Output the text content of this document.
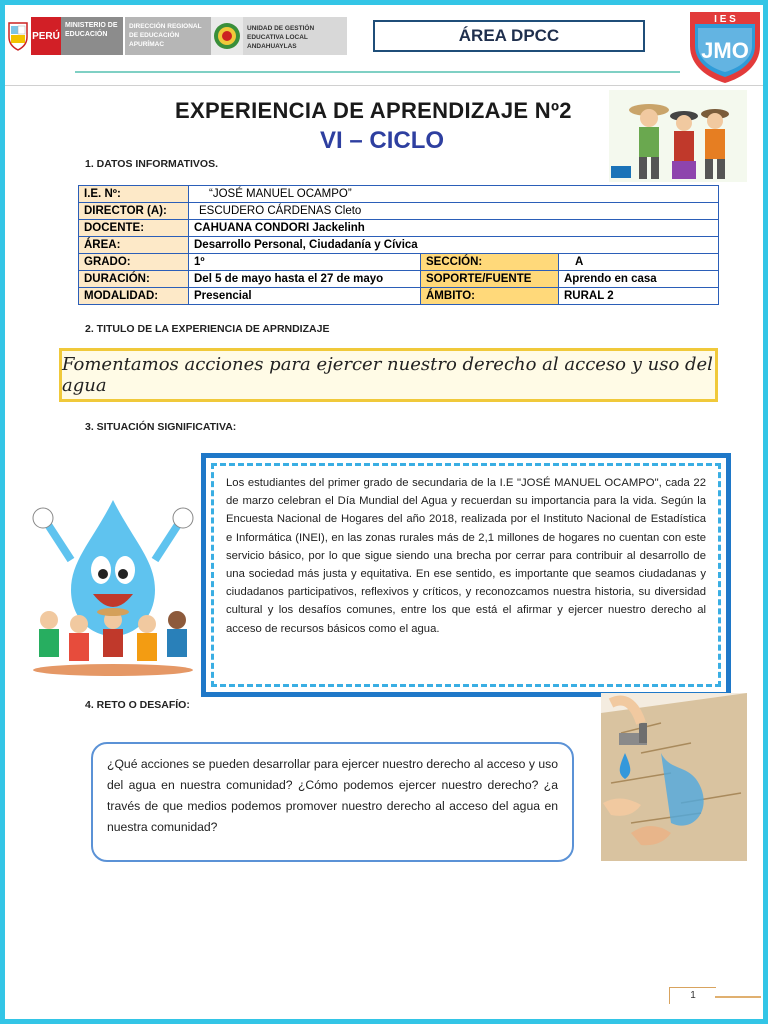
PERÚ
MINISTERIO DE EDUCACIÓN
DIRECCIÓN REGIONAL DE EDUCACIÓN APURÍMAC
UNIDAD DE GESTIÓN EDUCATIVA LOCAL ANDAHUAYLAS
ÁREA DPCC
I E S
JMO
EXPERIENCIA DE APRENDIZAJE Nº2
VI – CICLO
1. DATOS INFORMATIVOS.
I.E. Nº:	“JOSÉ MANUEL OCAMPO”		
DIRECTOR (A):	ESCUDERO CÁRDENAS Cleto		
DOCENTE:	CAHUANA CONDORI Jackelinh		
ÁREA:	Desarrollo Personal, Ciudadanía y Cívica		
GRADO:	1º	SECCIÓN:	A
DURACIÓN:	Del 5 de mayo hasta el 27 de mayo	SOPORTE/FUENTE	Aprendo en casa
MODALIDAD:	Presencial	ÁMBITO:	RURAL 2
2. TITULO DE LA EXPERIENCIA DE APRNDIZAJE
Fomentamos acciones para ejercer nuestro derecho al acceso y uso del agua
3. SITUACIÓN SIGNIFICATIVA:
Los estudiantes del primer grado de secundaria de la I.E "JOSÉ MANUEL OCAMPO", cada 22 de marzo celebran el Día Mundial del Agua y recuerdan su importancia para la vida. Según la Encuesta Nacional de Hogares del año 2018, realizada por el Instituto Nacional de Estadística e Informática (INEI), en las zonas rurales más de 2,1 millones de hogares no cuentan con este servicio básico, por lo que sigue siendo una brecha por cerrar para contribuir al desarrollo de una sociedad más justa y equitativa. En ese sentido, es importante que seamos ciudadanas y ciudadanos participativos, reflexivos y críticos, y reconozcamos nuestra historia, su diversidad cultural y los desafíos comunes, entre los que está el afirmar y ejercer nuestro derecho al acceso de recursos básicos como el agua.
4. RETO O DESAFÍO:
¿Qué acciones se pueden desarrollar para ejercer nuestro derecho al acceso y uso del agua en nuestra comunidad? ¿Cómo podemos ejercer nuestro derecho? ¿a través de que medios podemos promover nuestro derecho al acceso del agua en nuestra comunidad?
1
